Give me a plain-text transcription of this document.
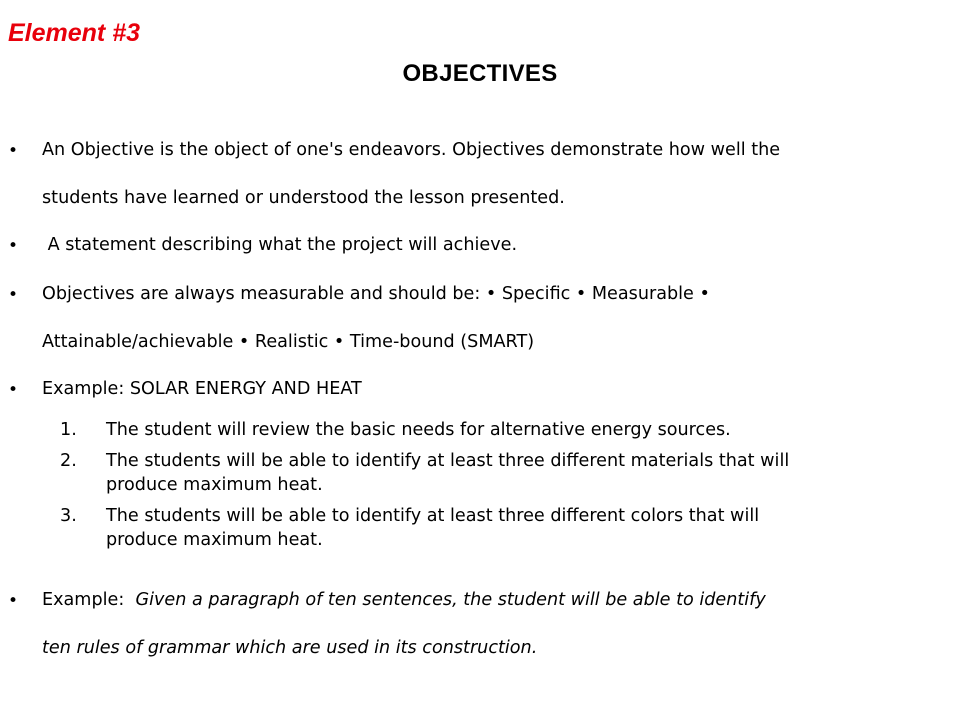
Element #3
OBJECTIVES
• An Objective is the object of one's endeavors. Objectives demonstrate how well the
students have learned or understood the lesson presented.
• A statement describing what the project will achieve.
• Objectives are always measurable and should be: • Specific • Measurable •
Attainable/achievable • Realistic • Time-bound (SMART)
• Example: SOLAR ENERGY AND HEAT
1. The student will review the basic needs for alternative energy sources.
2. The students will be able to identify at least three different materials that will
produce maximum heat.
3. The students will be able to identify at least three different colors that will
produce maximum heat.
• Example:  Given a paragraph of ten sentences, the student will be able to identify
ten rules of grammar which are used in its construction.
